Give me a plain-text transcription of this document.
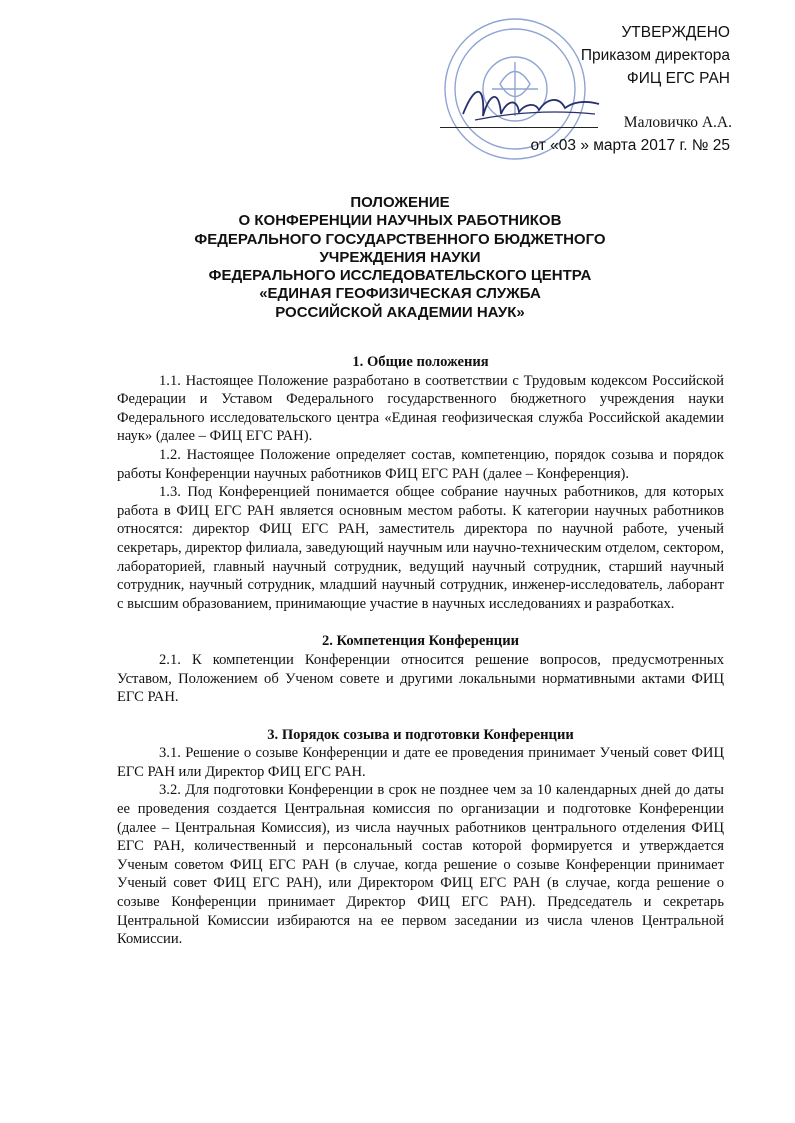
УТВЕРЖДЕНО
Приказом директора
ФИЦ ЕГС РАН
Маловичко А.А.
от «03 » марта 2017 г. № 25
ПОЛОЖЕНИЕ
О КОНФЕРЕНЦИИ НАУЧНЫХ РАБОТНИКОВ
ФЕДЕРАЛЬНОГО ГОСУДАРСТВЕННОГО БЮДЖЕТНОГО
УЧРЕЖДЕНИЯ НАУКИ
ФЕДЕРАЛЬНОГО ИССЛЕДОВАТЕЛЬСКОГО ЦЕНТРА
«ЕДИНАЯ ГЕОФИЗИЧЕСКАЯ СЛУЖБА
РОССИЙСКОЙ АКАДЕМИИ НАУК»
1. Общие положения

1.1. Настоящее Положение разработано в соответствии с Трудовым кодексом Российской Федерации и Уставом Федерального государственного бюджетного учреждения науки Федерального исследовательского центра «Единая геофизическая служба Российской академии наук» (далее – ФИЦ ЕГС РАН).

1.2. Настоящее Положение определяет состав, компетенцию, порядок созыва и порядок работы Конференции научных работников ФИЦ ЕГС РАН (далее – Конференция).

1.3. Под Конференцией понимается общее собрание научных работников, для которых работа в ФИЦ ЕГС РАН является основным местом работы. К категории научных работников относятся: директор ФИЦ ЕГС РАН, заместитель директора по научной работе, ученый секретарь, директор филиала, заведующий научным или научно-техническим отделом, сектором, лабораторией, главный научный сотрудник, ведущий научный сотрудник, старший научный сотрудник, научный сотрудник, младший научный сотрудник, инженер-исследователь, лаборант с высшим образованием, принимающие участие в научных исследованиях и разработках.

2. Компетенция Конференции

2.1. К компетенции Конференции относится решение вопросов, предусмотренных Уставом, Положением об Ученом совете и другими локальными нормативными актами ФИЦ ЕГС РАН.

3. Порядок созыва и подготовки Конференции

3.1. Решение о созыве Конференции и дате ее проведения принимает Ученый совет ФИЦ ЕГС РАН или Директор ФИЦ ЕГС РАН.

3.2. Для подготовки Конференции в срок не позднее чем за 10 календарных дней до даты ее проведения создается Центральная комиссия по организации и подготовке Конференции (далее – Центральная Комиссия), из числа научных работников центрального отделения ФИЦ ЕГС РАН, количественный и персональный состав которой формируется и утверждается Ученым советом ФИЦ ЕГС РАН (в случае, когда решение о созыве Конференции принимает Ученый совет ФИЦ ЕГС РАН), или Директором ФИЦ ЕГС РАН (в случае, когда решение о созыве Конференции принимает Директор ФИЦ ЕГС РАН). Председатель и секретарь Центральной Комиссии избираются на ее первом заседании из числа членов Центральной Комиссии.
